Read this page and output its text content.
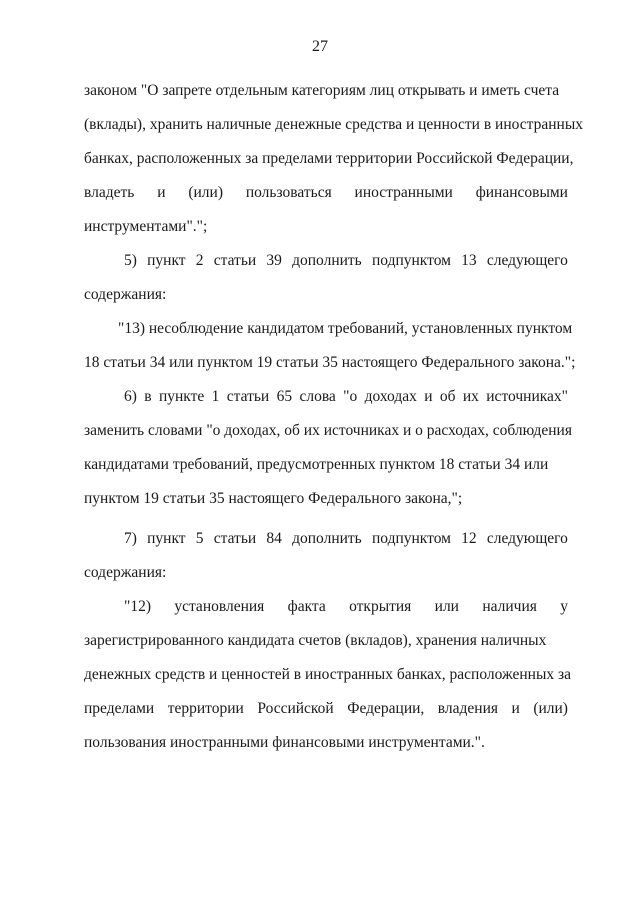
27
законом "О запрете отдельным категориям лиц открывать и иметь счета
(вклады), хранить наличные денежные средства и ценности в иностранных
банках, расположенных за пределами территории Российской Федерации,
владеть и (или) пользоваться иностранными финансовыми
инструментами".";
5) пункт 2 статьи 39 дополнить подпунктом 13 следующего
содержания:
"13) несоблюдение кандидатом требований, установленных пунктом
18 статьи 34 или пунктом 19 статьи 35 настоящего Федерального закона.";
6) в пункте 1 статьи 65 слова "о доходах и об их источниках"
заменить словами "о доходах, об их источниках и о расходах, соблюдения
кандидатами требований, предусмотренных пунктом 18 статьи 34 или
пунктом 19 статьи 35 настоящего Федерального закона,";
7) пункт 5 статьи 84 дополнить подпунктом 12 следующего
содержания:
"12) установления факта открытия или наличия у
зарегистрированного кандидата счетов (вкладов), хранения наличных
денежных средств и ценностей в иностранных банках, расположенных за
пределами территории Российской Федерации, владения и (или)
пользования иностранными финансовыми инструментами.".
